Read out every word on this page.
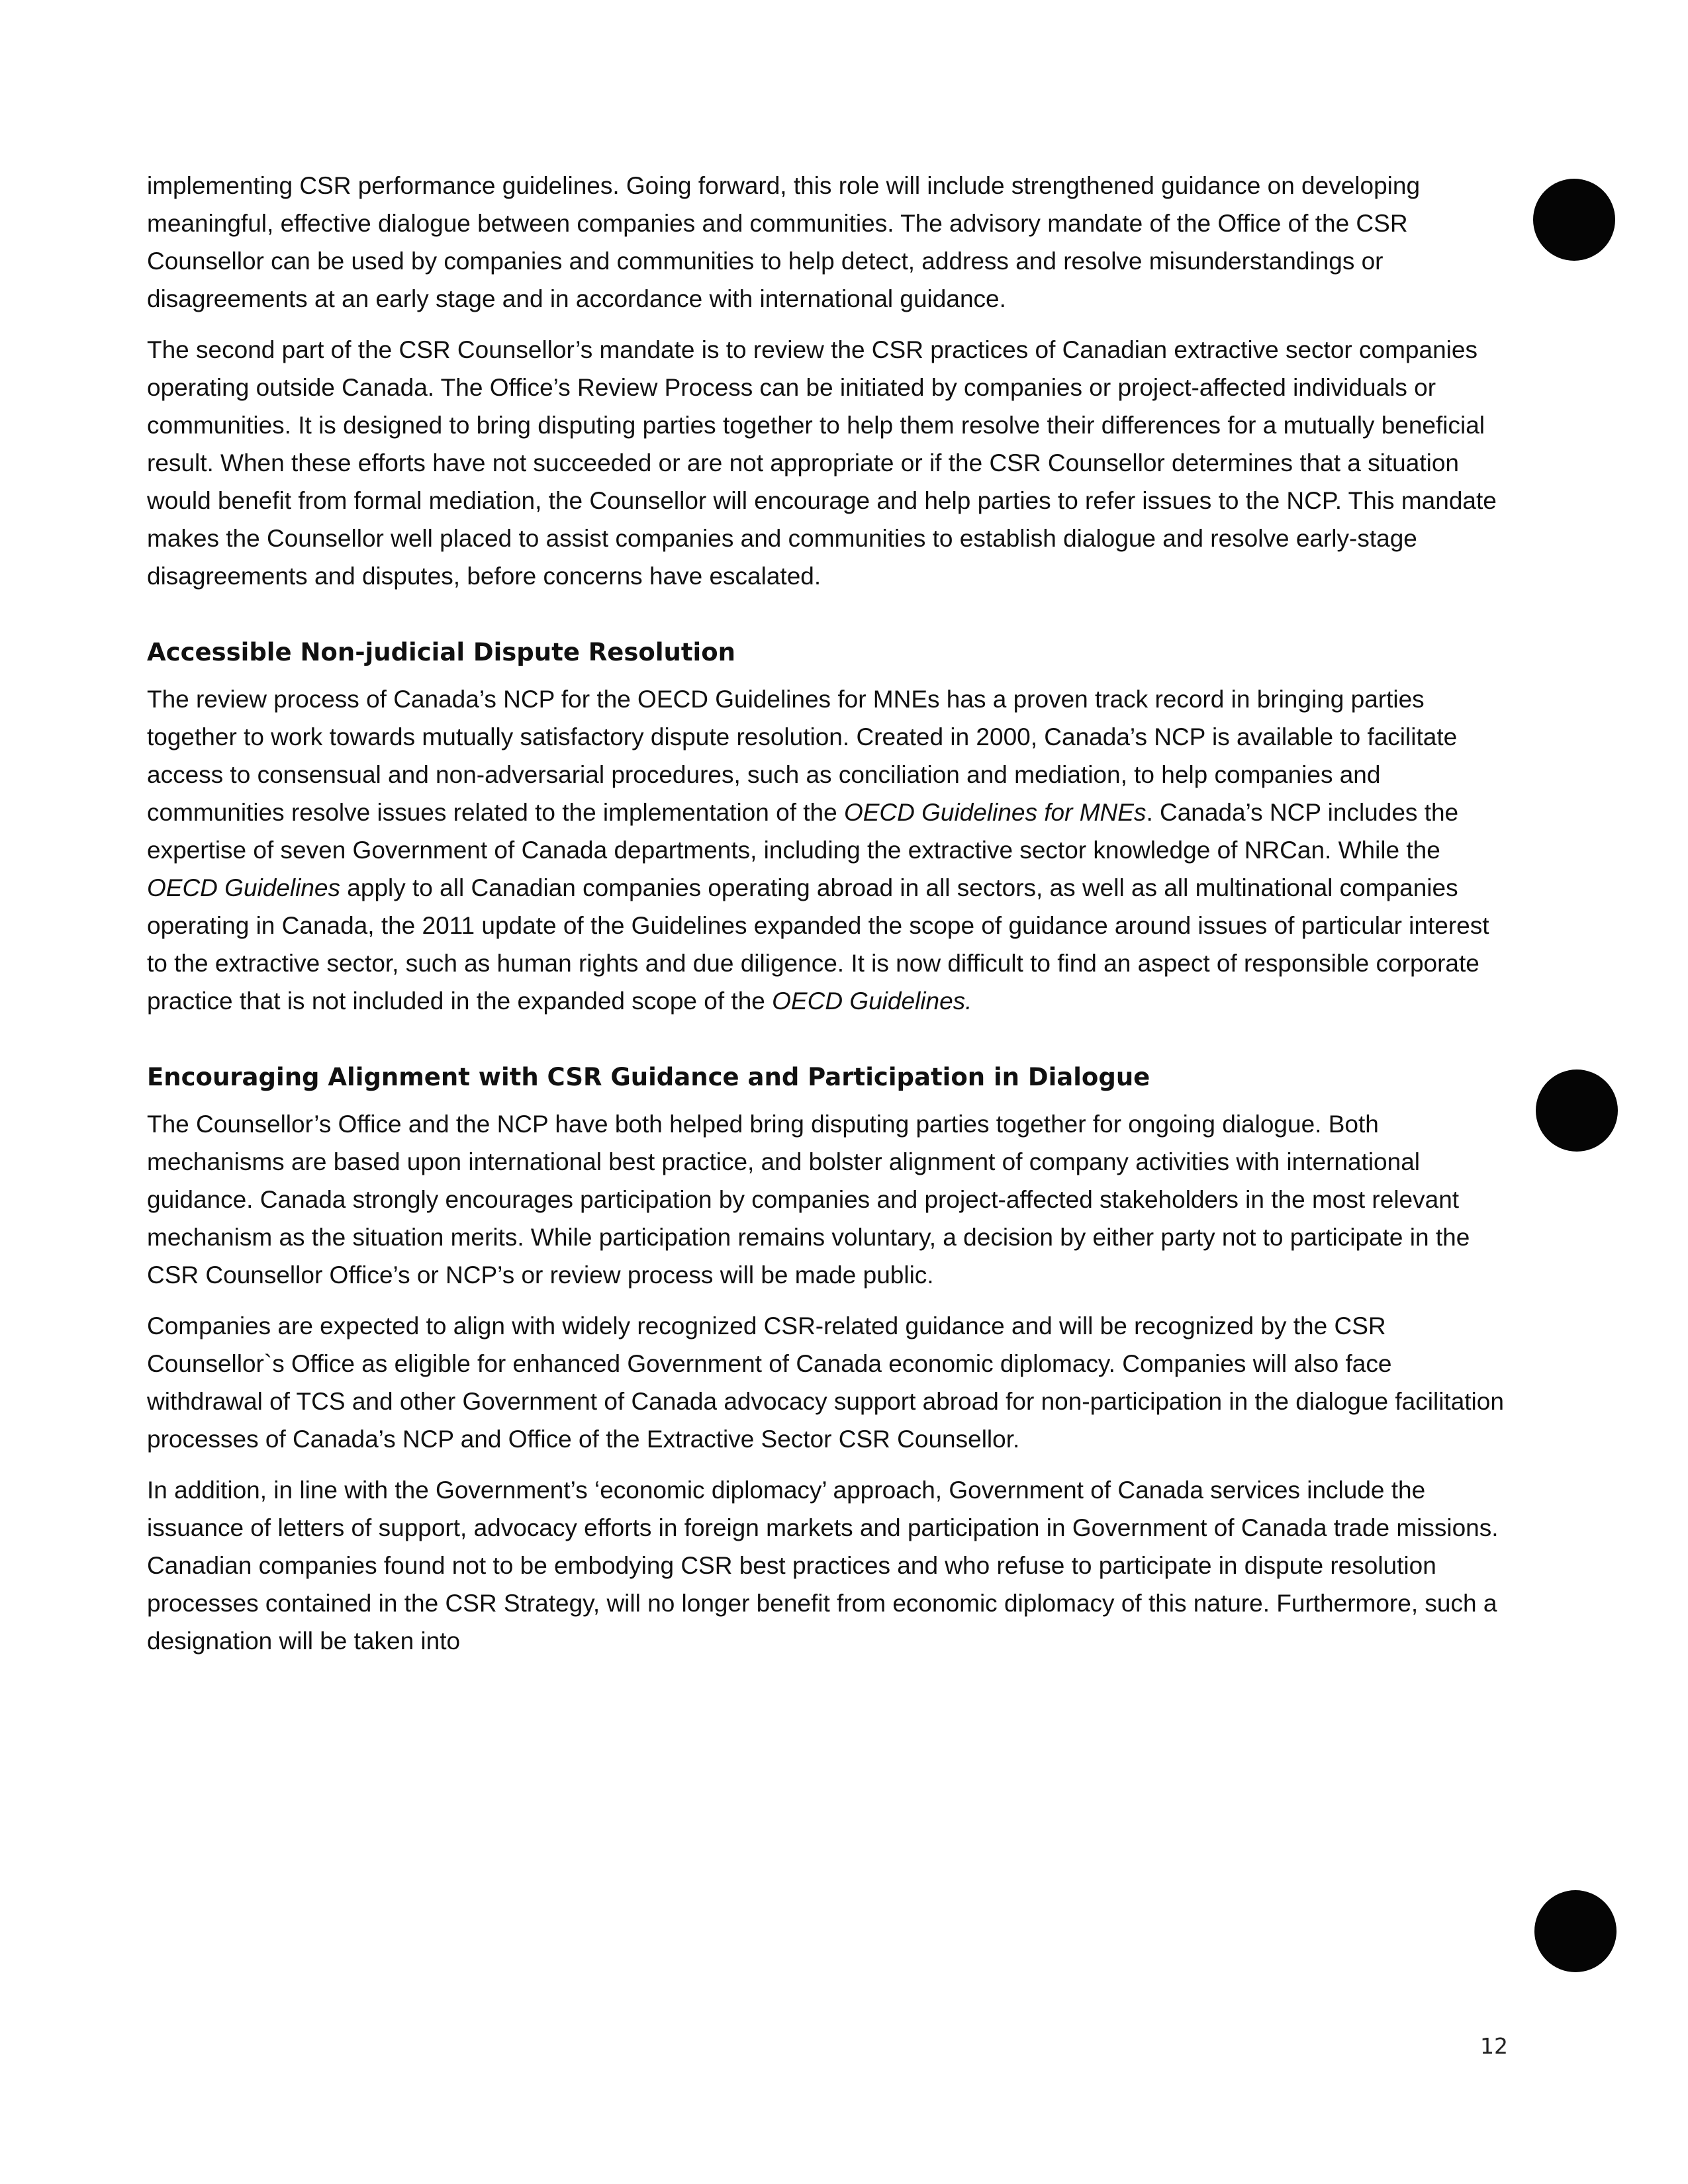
implementing CSR performance guidelines. Going forward, this role will include strengthened guidance on developing meaningful, effective dialogue between companies and communities. The advisory mandate of the Office of the CSR Counsellor can be used by companies and communities to help detect, address and resolve misunderstandings or disagreements at an early stage and in accordance with international guidance.

The second part of the CSR Counsellor’s mandate is to review the CSR practices of Canadian extractive sector companies operating outside Canada. The Office’s Review Process can be initiated by companies or project-affected individuals or communities. It is designed to bring disputing parties together to help them resolve their differences for a mutually beneficial result. When these efforts have not succeeded or are not appropriate or if the CSR Counsellor determines that a situation would benefit from formal mediation, the Counsellor will encourage and help parties to refer issues to the NCP. This mandate makes the Counsellor well placed to assist companies and communities to establish dialogue and resolve early-stage disagreements and disputes, before concerns have escalated.

Accessible Non-judicial Dispute Resolution

The review process of Canada’s NCP for the OECD Guidelines for MNEs has a proven track record in bringing parties together to work towards mutually satisfactory dispute resolution. Created in 2000, Canada’s NCP is available to facilitate access to consensual and non-adversarial procedures, such as conciliation and mediation, to help companies and communities resolve issues related to the implementation of the OECD Guidelines for MNEs. Canada’s NCP includes the expertise of seven Government of Canada departments, including the extractive sector knowledge of NRCan. While the OECD Guidelines apply to all Canadian companies operating abroad in all sectors, as well as all multinational companies operating in Canada, the 2011 update of the Guidelines expanded the scope of guidance around issues of particular interest to the extractive sector, such as human rights and due diligence. It is now difficult to find an aspect of responsible corporate practice that is not included in the expanded scope of the OECD Guidelines.

Encouraging Alignment with CSR Guidance and Participation in Dialogue

The Counsellor’s Office and the NCP have both helped bring disputing parties together for ongoing dialogue. Both mechanisms are based upon international best practice, and bolster alignment of company activities with international guidance. Canada strongly encourages participation by companies and project-affected stakeholders in the most relevant mechanism as the situation merits. While participation remains voluntary, a decision by either party not to participate in the CSR Counsellor Office’s or NCP’s or review process will be made public.

Companies are expected to align with widely recognized CSR-related guidance and will be recognized by the CSR Counsellor`s Office as eligible for enhanced Government of Canada economic diplomacy. Companies will also face withdrawal of TCS and other Government of Canada advocacy support abroad for non-participation in the dialogue facilitation processes of Canada’s NCP and Office of the Extractive Sector CSR Counsellor.

In addition, in line with the Government’s ‘economic diplomacy’ approach, Government of Canada services include the issuance of letters of support, advocacy efforts in foreign markets and participation in Government of Canada trade missions. Canadian companies found not to be embodying CSR best practices and who refuse to participate in dispute resolution processes contained in the CSR Strategy, will no longer benefit from economic diplomacy of this nature. Furthermore, such a designation will be taken into

12
